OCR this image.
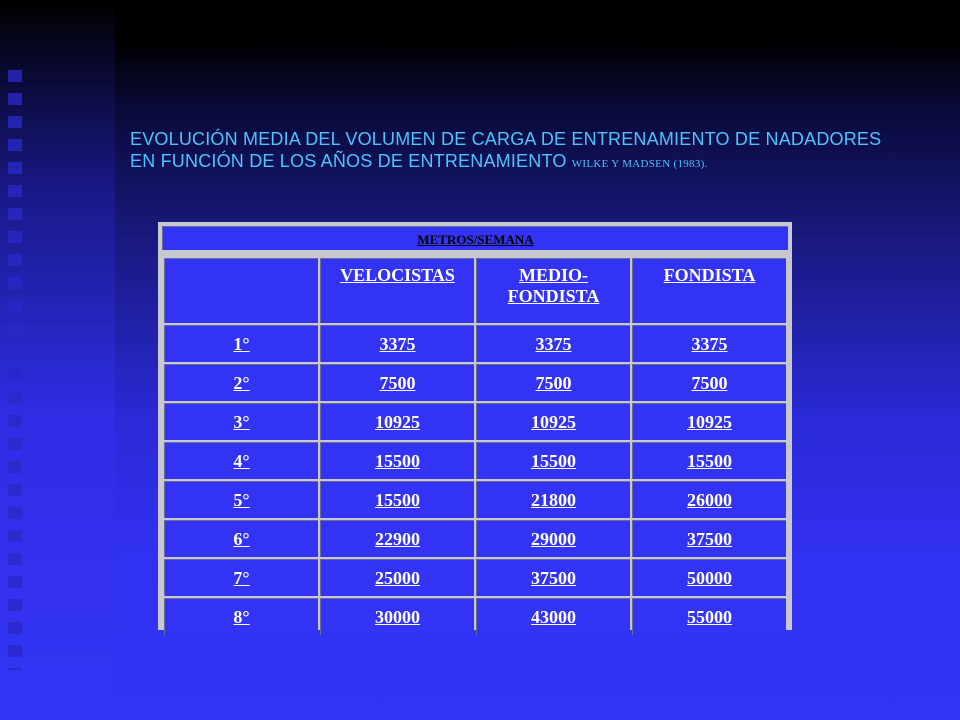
EVOLUCIÓN MEDIA DEL VOLUMEN DE CARGA DE ENTRENAMIENTO DE NADADORES EN FUNCIÓN DE LOS AÑOS DE ENTRENAMIENTO WILKE Y MADSEN (1983).
METROS/SEMANA
	VELOCISTAS	MEDIO-FONDISTA	FONDISTA
1°	3375	3375	3375
2°	7500	7500	7500
3°	10925	10925	10925
4°	15500	15500	15500
5°	15500	21800	26000
6°	22900	29000	37500
7°	25000	37500	50000
8°	30000	43000	55000
